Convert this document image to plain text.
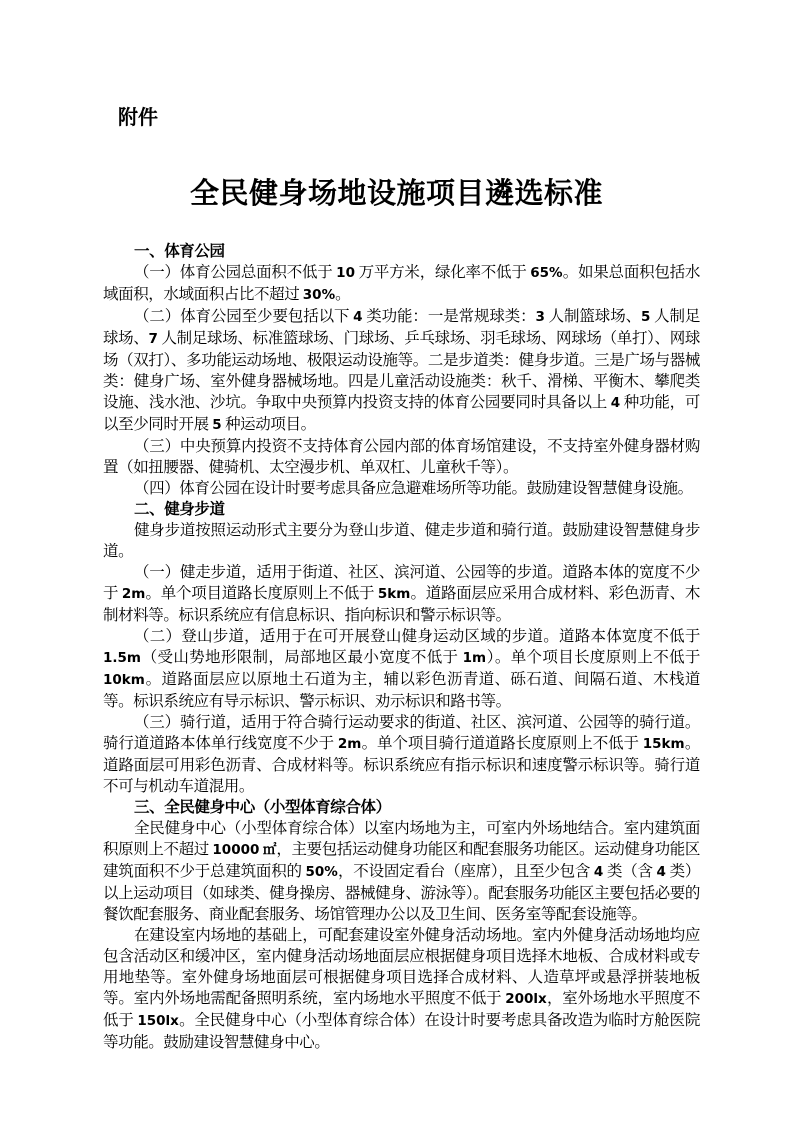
附件
全民健身场地设施项目遴选标准
一、体育公园

（一）体育公园总面积不低于 10 万平方米，绿化率不低于 65%。如果总面积包括水域面积，水域面积占比不超过 30%。

（二）体育公园至少要包括以下 4 类功能：一是常规球类：3 人制篮球场、5 人制足球场、7 人制足球场、标准篮球场、门球场、乒乓球场、羽毛球场、网球场（单打）、网球场（双打）、多功能运动场地、极限运动设施等。二是步道类：健身步道。三是广场与器械类：健身广场、室外健身器械场地。四是儿童活动设施类：秋千、滑梯、平衡木、攀爬类设施、浅水池、沙坑。争取中央预算内投资支持的体育公园要同时具备以上 4 种功能，可以至少同时开展 5 种运动项目。

（三）中央预算内投资不支持体育公园内部的体育场馆建设，不支持室外健身器材购置（如扭腰器、健骑机、太空漫步机、单双杠、儿童秋千等）。

（四）体育公园在设计时要考虑具备应急避难场所等功能。鼓励建设智慧健身设施。

二、健身步道

健身步道按照运动形式主要分为登山步道、健走步道和骑行道。鼓励建设智慧健身步道。

（一）健走步道，适用于街道、社区、滨河道、公园等的步道。道路本体的宽度不少于 2m。单个项目道路长度原则上不低于 5km。道路面层应采用合成材料、彩色沥青、木制材料等。标识系统应有信息标识、指向标识和警示标识等。

（二）登山步道，适用于在可开展登山健身运动区域的步道。道路本体宽度不低于 1.5m（受山势地形限制，局部地区最小宽度不低于 1m）。单个项目长度原则上不低于 10km。道路面层应以原地土石道为主，辅以彩色沥青道、砾石道、间隔石道、木栈道等。标识系统应有导示标识、警示标识、劝示标识和路书等。

（三）骑行道，适用于符合骑行运动要求的街道、社区、滨河道、公园等的骑行道。骑行道道路本体单行线宽度不少于 2m。单个项目骑行道道路长度原则上不低于 15km。道路面层可用彩色沥青、合成材料等。标识系统应有指示标识和速度警示标识等。骑行道不可与机动车道混用。

三、全民健身中心（小型体育综合体）

全民健身中心（小型体育综合体）以室内场地为主，可室内外场地结合。室内建筑面积原则上不超过 10000 ㎡，主要包括运动健身功能区和配套服务功能区。运动健身功能区建筑面积不少于总建筑面积的 50%，不设固定看台（座席），且至少包含 4 类（含 4 类）以上运动项目（如球类、健身操房、器械健身、游泳等）。配套服务功能区主要包括必要的餐饮配套服务、商业配套服务、场馆管理办公以及卫生间、医务室等配套设施等。

在建设室内场地的基础上，可配套建设室外健身活动场地。室内外健身活动场地均应包含活动区和缓冲区，室内健身活动场地面层应根据健身项目选择木地板、合成材料或专用地垫等。室外健身场地面层可根据健身项目选择合成材料、人造草坪或悬浮拼装地板等。室内外场地需配备照明系统，室内场地水平照度不低于 200lx，室外场地水平照度不低于 150lx。全民健身中心（小型体育综合体）在设计时要考虑具备改造为临时方舱医院等功能。鼓励建设智慧健身中心。
